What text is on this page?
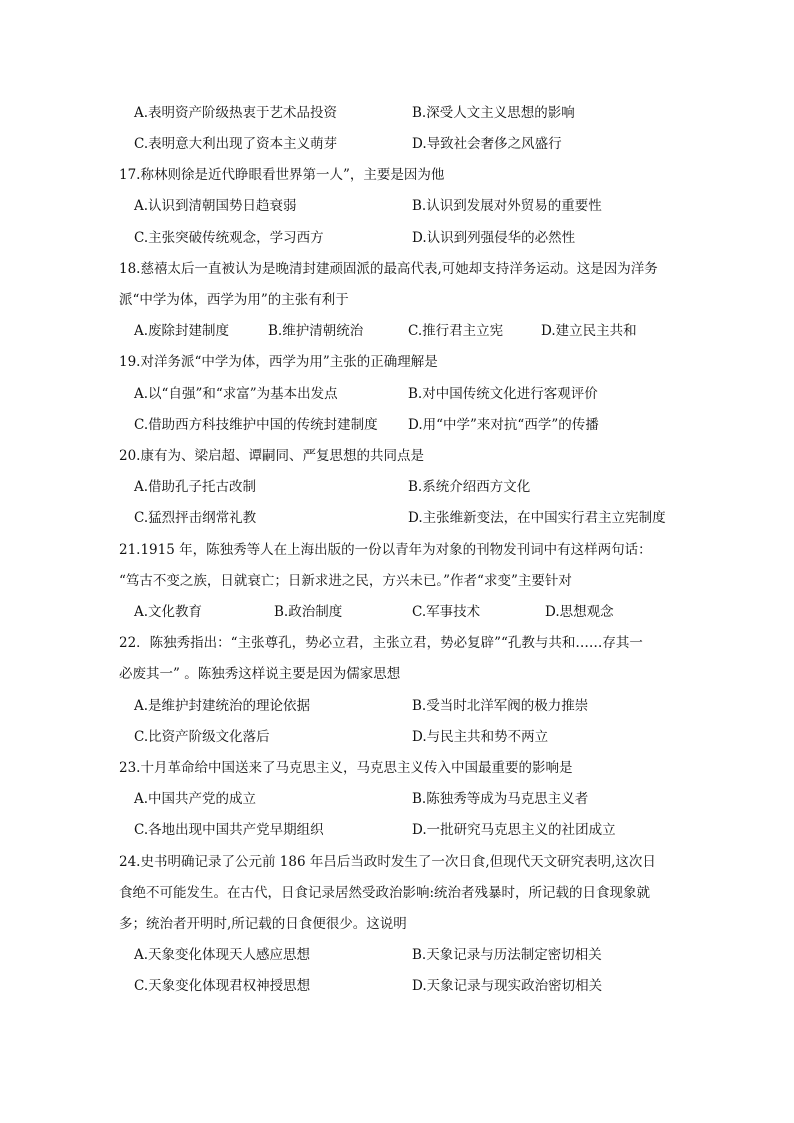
A.表明资产阶级热衷于艺术品投资	B.深受人文主义思想的影响
C.表明意大利出现了资本主义萌芽	D.导致社会奢侈之风盛行
17.称林则徐是近代睁眼看世界第一人”，主要是因为他
A.认识到清朝国势日趋衰弱	B.认识到发展对外贸易的重要性
C.主张突破传统观念，学习西方	D.认识到列强侵华的必然性
18.慈禧太后一直被认为是晚清封建顽固派的最高代表,可她却支持洋务运动。这是因为洋务
派“中学为体，西学为用”的主张有利于
A.废除封建制度	B.维护清朝统治	C.推行君主立宪	D.建立民主共和
19.对洋务派“中学为体，西学为用”主张的正确理解是
A.以“自强”和“求富”为基本出发点	B.对中国传统文化进行客观评价
C.借助西方科技维护中国的传统封建制度 D.用“中学”来对抗“西学”的传播
20.康有为、梁启超、谭嗣同、严复思想的共同点是
A.借助孔子托古改制	B.系统介绍西方文化
C.猛烈抨击纲常礼教	D.主张维新变法，在中国实行君主立宪制度
21.1915 年，陈独秀等人在上海出版的一份以青年为对象的刊物发刊词中有这样两句话：
“笃古不变之族，日就衰亡；日新求进之民，方兴未已。”作者“求变”主要针对
A.文化教育	B.政治制度	C.军事技术	D.思想观念
22．陈独秀指出：“主张尊孔，势必立君，主张立君，势必复辟”“孔教与共和……存其一
必废其一” 。陈独秀这样说主要是因为儒家思想
A.是维护封建统治的理论依据	B.受当时北洋军阀的极力推崇
C.比资产阶级文化落后	D.与民主共和势不两立
23.十月革命给中国送来了马克思主义，马克思主义传入中国最重要的影响是
A.中国共产党的成立	B.陈独秀等成为马克思主义者
C.各地出现中国共产党早期组织	D.一批研究马克思主义的社团成立
24.史书明确记录了公元前 186 年吕后当政时发生了一次日食,但现代天文研究表明,这次日
食绝不可能发生。在古代，日食记录居然受政治影响:统治者残暴时，所记载的日食现象就
多；统治者开明时,所记载的日食便很少。这说明
A.天象变化体现天人感应思想	B.天象记录与历法制定密切相关
C.天象变化体现君权神授思想	D.天象记录与现实政治密切相关
